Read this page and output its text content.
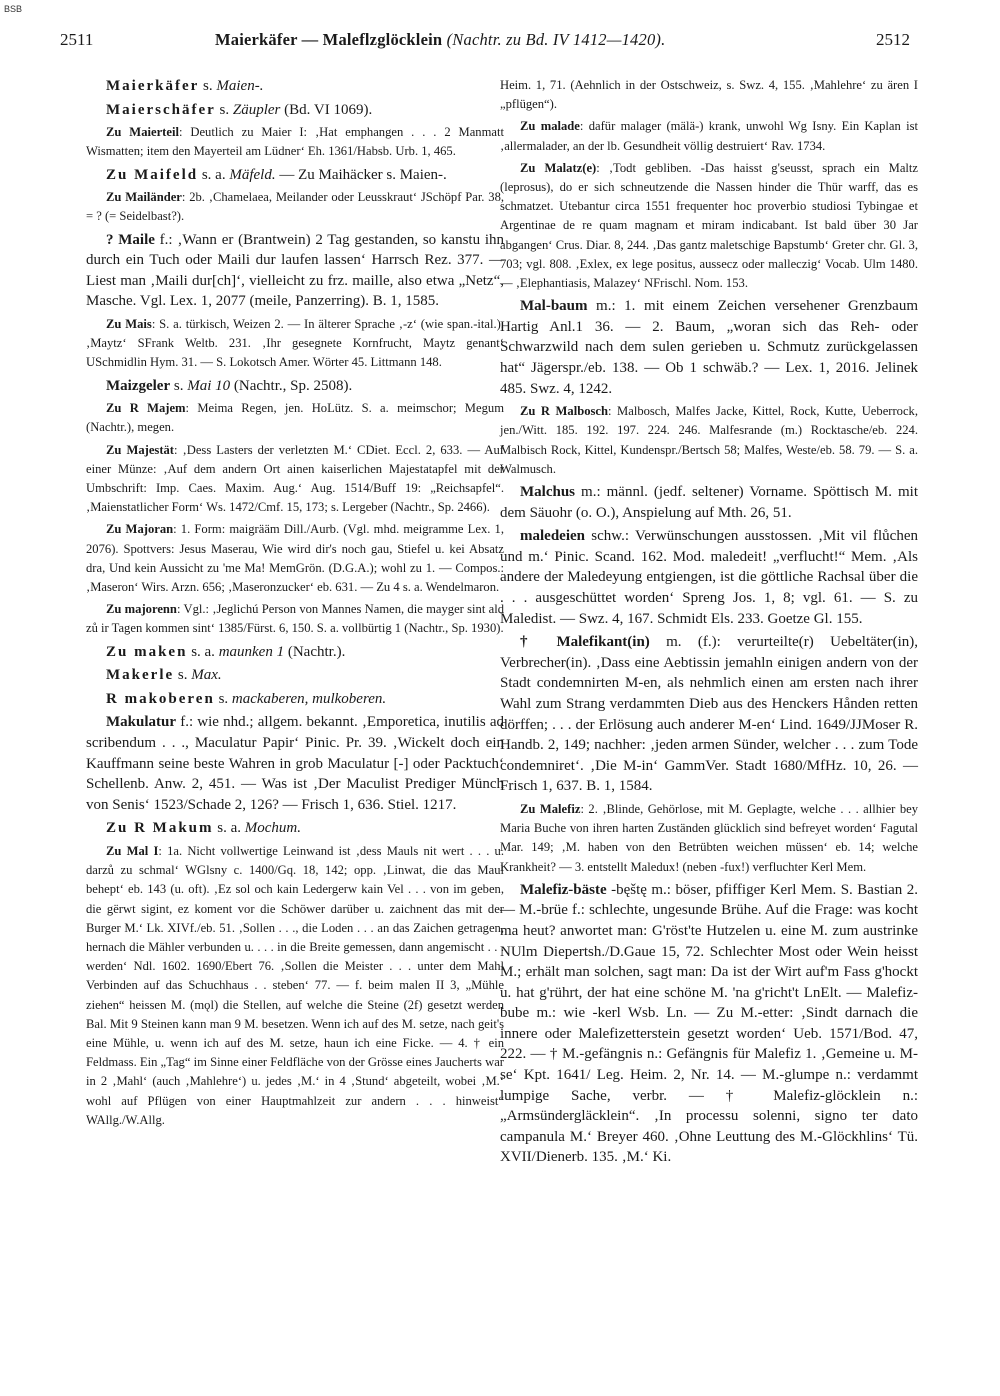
BSB
2511	Maierkäfer — Maleflzglöcklein (Nachtr. zu Bd. IV 1412—1420).	2512

Maierkäfer s. Maien-.

Maierschäfer s. Zäupler (Bd. VI 1069).

Zu Maierteil: Deutlich zu Maier I: ‚Hat emphangen . . . 2 Manmatt Wismatten; item den Mayerteil am Lüdner‘ Eh. 1361/Habsb. Urb. 1, 465.

Zu Maifeld s. a. Mäfeld. — Zu Maihäcker s. Maien-.

Zu Mailänder: 2b. ‚Chamelaea, Meilander oder Leusskraut‘ JSchöpf Par. 38, = ? (= Seidelbast?).

? Maile f.: ‚Wann er (Brantwein) 2 Tag gestanden, so kanstu ihn durch ein Tuch oder Maili dur laufen lassen‘ Harrsch Rez. 377. — Liest man ‚Maili dur[ch]‘, vielleicht zu frz. maille, also etwa „Netz“, Masche. Vgl. Lex. 1, 2077 (meile, Panzerring). B. 1, 1585.

Zu Mais: S. a. türkisch, Weizen 2. — In älterer Sprache ‚-z‘ (wie span.-ital.). ‚Maytz‘ SFrank Weltb. 231. ‚Ihr gesegnete Kornfrucht, Maytz genant‘ USchmidlin Hym. 31. — S. Lokotsch Amer. Wörter 45. Littmann 148.

Maizgeler s. Mai 10 (Nachtr., Sp. 2508).

Zu R Majem: Meima Regen, jen. HoLütz. S. a. meimschor; Megum (Nachtr.), megen.

Zu Majestät: ‚Dess Lasters der verletzten M.‘ CDiet. Eccl. 2, 633. — Auf einer Münze: ‚Auf dem andern Ort ainen kaiserlichen Majestatapfel mit der Umbschrift: Imp. Caes. Maxim. Aug.‘ Aug. 1514/Buff 19: „Reichsapfel“. ‚Maienstatlicher Form‘ Ws. 1472/Cmf. 15, 173; s. Lergeber (Nachtr., Sp. 2466).

Zu Majoran: 1. Form: maigrääm Dill./Aurb. (Vgl. mhd. meigramme Lex. 1, 2076). Spottvers: Jesus Maserau, Wie wird dir's noch gau, Stiefel u. kei Absatz dra, Und kein Aussicht zu 'me Ma! MemGrön. (D.G.A.); wohl zu 1. — Compos.: ‚Maseron‘ Wirs. Arzn. 656; ‚Maseronzucker‘ eb. 631. — Zu 4 s. a. Wendelmaron.

Zu majorenn: Vgl.: ‚Jeglichú Person von Mannes Namen, die mayger sint ald zů ir Tagen kommen sint‘ 1385/Fürst. 6, 150. S. a. vollbürtig 1 (Nachtr., Sp. 1930).

Zu maken s. a. maunken 1 (Nachtr.).

Makerle s. Max.

R makoberen s. mackaberen, mulkoberen.

Makulatur f.: wie nhd.; allgem. bekannt. ‚Emporetica, inutilis ad scribendum . . ., Maculatur Papir‘ Pinic. Pr. 39. ‚Wickelt doch ein Kauffmann seine beste Wahren in grob Maculatur [-] oder Packtuch‘ Schellenb. Anw. 2, 451. — Was ist ‚Der Maculist Prediger Münch von Senis‘ 1523/Schade 2, 126? — Frisch 1, 636. Stiel. 1217.

Zu R Makum s. a. Mochum.

Zu Mal I: 1a. Nicht vollwertige Leinwand ist ‚dess Mauls nit wert . . . u. darzů zu schmal‘ WGlsny c. 1400/Gq. 18, 142; opp. ‚Linwat, die das Maul behept‘ eb. 143 (u. oft). ‚Ez sol och kain Ledergerw kain Vel . . . von im geben, die gërwt sigint, ez koment vor die Schöwer darüber u. zaichnent das mit der Burger M.‘ Lk. XIVf./eb. 51. ‚Sollen . . ., die Loden . . . an das Zaichen getragen, hernach die Mähler verbunden u. . . . in die Breite gemessen, dann angemischt . . . werden‘ Ndl. 1602. 1690/Ebert 76. ‚Sollen die Meister . . . unter dem Mahl Verbinden auf das Schuchhaus . . steben‘ 77. — f. beim malen II 3, „Mühle ziehen“ heissen M. (mǫl) die Stellen, auf welche die Steine (2f) gesetzt werden Bal. Mit 9 Steinen kann man 9 M. besetzen. Wenn ich auf des M. setze, nach geit's eine Mühle, u. wenn ich auf des M. setze, haun ich eine Ficke. — 4. † ein Feldmass. Ein „Tag“ im Sinne einer Feldfläche von der Grösse eines Jaucherts war in 2 ‚Mahl‘ (auch ‚Mahlehre‘) u. jedes ‚M.‘ in 4 ‚Stund‘ abgeteilt, wobei ‚M.‘ wohl auf Pflügen von einer Hauptmahlzeit zur andern . . . hinweist“ WAllg./W.Allg.

Heim. 1, 71. (Aehnlich in der Ostschweiz, s. Swz. 4, 155. ‚Mahlehre‘ zu ären I „pflügen“).

Zu malade: dafür malager (mälä-) krank, unwohl Wg Isny. Ein Kaplan ist ‚allermalader, an der lb. Gesundheit völlig destruiert‘ Rav. 1734.

Zu Malatz(e): ‚Todt gebliben. -Das haisst g'seusst, sprach ein Maltz (leprosus), do er sich schneutzende die Nassen hinder die Thür warff, das es schmatzet. Utebantur circa 1551 frequenter hoc proverbio studiosi Tybingae et Argentinae de re quam magnam et miram indicabant. Ist bald über 30 Jar abgangen‘ Crus. Diar. 8, 244. ‚Das gantz maletschige Bapstumb‘ Greter chr. Gl. 3, 703; vgl. 808. ‚Exlex, ex lege positus, aussecz oder malleczig‘ Vocab. Ulm 1480. — ‚Elephantiasis, Malazey‘ NFrischl. Nom. 153.

Mal-baum m.: 1. mit einem Zeichen versehener Grenzbaum Hartig Anl.1 36. — 2. Baum, „woran sich das Reh- oder Schwarzwild nach dem sulen gerieben u. Schmutz zurückgelassen hat“ Jägerspr./eb. 138. — Ob 1 schwäb.? — Lex. 1, 2016. Jelinek 485. Swz. 4, 1242.

Zu R Malbosch: Malbosch, Malfes Jacke, Kittel, Rock, Kutte, Ueberrock, jen./Witt. 185. 192. 197. 224. 246. Malfesrande (m.) Rocktasche/eb. 224. Malbisch Rock, Kittel, Kundenspr./Bertsch 58; Malfes, Weste/eb. 58. 79. — S. a. Walmusch.

Malchus m.: männl. (jedf. seltener) Vorname. Spöttisch M. mit dem Säuohr (o. O.), Anspielung auf Mth. 26, 51.

maledeien schw.: Verwünschungen ausstossen. ‚Mit vil flůchen und m.‘ Pinic. Scand. 162. Mod. maledeit! „verflucht!“ Mem. ‚Als andere der Maledeyung entgiengen, ist die göttliche Rachsal über die . . . ausgeschüttet worden‘ Spreng Jos. 1, 8; vgl. 61. — S. zu Maledist. — Swz. 4, 167. Schmidt Els. 233. Goetze Gl. 155.

† Malefikant(in) m. (f.): verurteilte(r) Uebeltäter(in), Verbrecher(in). ‚Dass eine Aebtissin jemahln einigen andern von der Stadt condemnirten M-en, als nehmlich einen am ersten nach ihrer Wahl zum Strang verdammten Dieb aus des Henckers Hånden retten dörffen; . . . der Erlösung auch anderer M-en‘ Lind. 1649/JJMoser R. Handb. 2, 149; nachher: ‚jeden armen Sünder, welcher . . . zum Tode condemniret‘. ‚Die M-in‘ GammVer. Stadt 1680/MfHz. 10, 26. — Frisch 1, 637. B. 1, 1584.

Zu Malefiz: 2. ‚Blinde, Gehörlose, mit M. Geplagte, welche . . . allhier bey Maria Buche von ihren harten Zuständen glücklich sind befreyet worden‘ Fagutal Mar. 149; ‚M. haben von den Betrübten weichen müssen‘ eb. 14; welche Krankheit? — 3. entstellt Maledux! (neben -fux!) verfluchter Kerl Mem.

Malefiz-bäste -bęštę m.: böser, pfiffiger Kerl Mem. S. Bastian 2. — M.-brüe f.: schlechte, ungesunde Brühe. Auf die Frage: was kocht ma heut? anwortet man: G'röst'te Hutzelen u. eine M. zum austrinke NUlm Diepertsh./D.Gaue 15, 72. Schlechter Most oder Wein heisst M.; erhält man solchen, sagt man: Da ist der Wirt auf'm Fass g'hockt u. hat g'rührt, der hat eine schöne M. 'na g'richt't LnElt. — Malefiz-bube m.: wie -kerl Wsb. Ln. — Zu M.-etter: ‚Sindt darnach die innere oder Malefizetterstein gesetzt worden‘ Ueb. 1571/Bod. 47, 222. — † M.-gefängnis n.: Gefängnis für Malefiz 1. ‚Gemeine u. M-se‘ Kpt. 1641/ Leg. Heim. 2, Nr. 14. — M.-glumpe n.: verdammt lumpige Sache, verbr. — † Malefiz-glöcklein n.: „Armsündergläcklein“. ‚In processu solenni, signo ter dato campanula M.‘ Breyer 460. ‚Ohne Leuttung des M.-Glöckhlins‘ Tü. XVII/Dienerb. 135. ‚M.‘ Ki.
